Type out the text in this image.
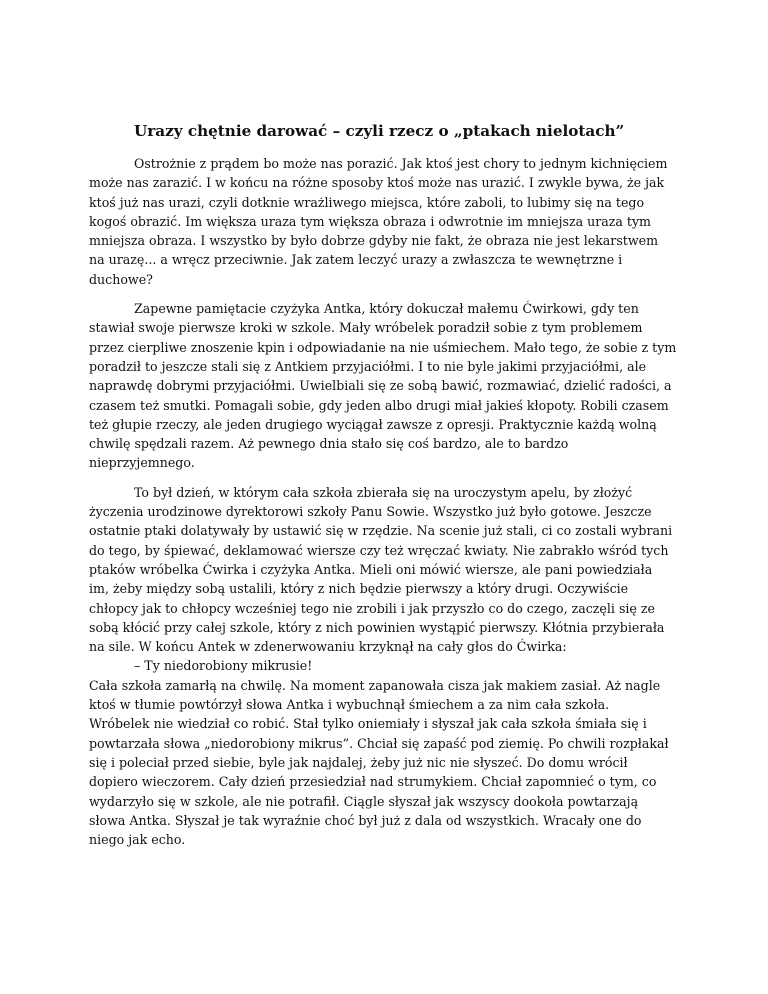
Urazy chętnie darować – czyli rzecz o „ptakach nielotach”

Ostrożnie z prądem bo może nas porazić. Jak ktoś jest chory to jednym kichnięciem
może nas zarazić. I w końcu na różne sposoby ktoś może nas urazić. I zwykle bywa, że jak
ktoś już nas urazi, czyli dotknie wrażliwego miejsca, które zaboli, to lubimy się na tego
kogoś obrazić. Im większa uraza tym większa obraza i odwrotnie im mniejsza uraza tym
mniejsza obraza. I wszystko by było dobrze gdyby nie fakt, że obraza nie jest lekarstwem
na urazę... a wręcz przeciwnie. Jak zatem leczyć urazy a zwłaszcza te wewnętrzne i
duchowe?

Zapewne pamiętacie czyżyka Antka, który dokuczał małemu Ćwirkowi, gdy ten
stawiał swoje pierwsze kroki w szkole. Mały wróbelek poradził sobie z tym problemem
przez cierpliwe znoszenie kpin i odpowiadanie na nie uśmiechem. Mało tego, że sobie z tym
poradził to jeszcze stali się z Antkiem przyjaciółmi. I to nie byle jakimi przyjaciółmi, ale
naprawdę dobrymi przyjaciółmi. Uwielbiali się ze sobą bawić, rozmawiać, dzielić radości, a
czasem też smutki. Pomagali sobie, gdy jeden albo drugi miał jakieś kłopoty. Robili czasem
też głupie rzeczy, ale jeden drugiego wyciągał zawsze z opresji. Praktycznie każdą wolną
chwilę spędzali razem. Aż pewnego dnia stało się coś bardzo, ale to bardzo
nieprzyjemnego.

To był dzień, w którym cała szkoła zbierała się na uroczystym apelu, by złożyć
życzenia urodzinowe dyrektorowi szkoły Panu Sowie. Wszystko już było gotowe. Jeszcze
ostatnie ptaki dolatywały by ustawić się w rzędzie. Na scenie już stali, ci co zostali wybrani
do tego, by śpiewać, deklamować wiersze czy też wręczać kwiaty. Nie zabrakło wśród tych
ptaków wróbelka Ćwirka i czyżyka Antka. Mieli oni mówić wiersze, ale pani powiedziała
im, żeby między sobą ustalili, który z nich będzie pierwszy a który drugi. Oczywiście
chłopcy jak to chłopcy wcześniej tego nie zrobili i jak przyszło co do czego, zaczęli się ze
sobą kłócić przy całej szkole, który z nich powinien wystąpić pierwszy. Kłótnia przybierała
na sile. W końcu Antek w zdenerwowaniu krzyknął na cały głos do Ćwirka:
– Ty niedorobiony mikrusie!
Cała szkoła zamarłą na chwilę. Na moment zapanowała cisza jak makiem zasiał. Aż nagle
ktoś w tłumie powtórzył słowa Antka i wybuchnął śmiechem a za nim cała szkoła.
Wróbelek nie wiedział co robić. Stał tylko oniemiały i słyszał jak cała szkoła śmiała się i
powtarzała słowa „niedorobiony mikrus”. Chciał się zapaść pod ziemię. Po chwili rozpłakał
się i poleciał przed siebie, byle jak najdalej, żeby już nic nie słyszeć. Do domu wrócił
dopiero wieczorem. Cały dzień przesiedział nad strumykiem. Chciał zapomnieć o tym, co
wydarzyło się w szkole, ale nie potrafił. Ciągle słyszał jak wszyscy dookoła powtarzają
słowa Antka. Słyszał je tak wyraźnie choć był już z dala od wszystkich. Wracały one do
niego jak echo.
